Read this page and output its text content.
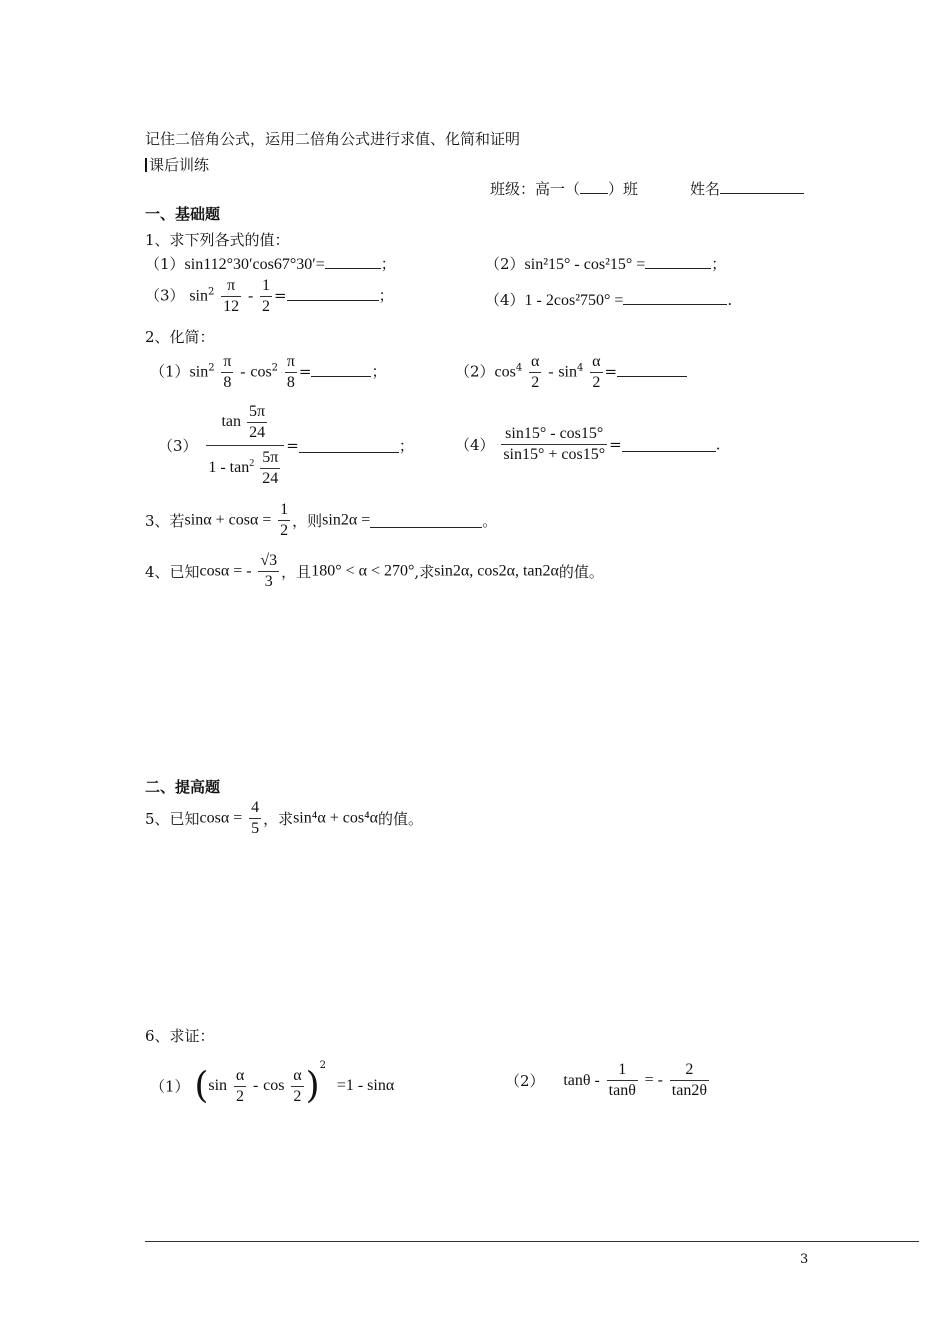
记住二倍角公式，运用二倍角公式进行求值、化简和证明
课后训练
班级：高一（ ）班	姓名
一、基础题
1、求下列各式的值：
（1）sin112°30′cos67°30′=	；	（2）sin²15° - cos²15° =	；
（3） $\sin^2 \frac{\pi}{12} - \frac{1}{2}$ =	；	（4）1 - 2cos²750° =	.
2、化简：
$(1)\sin^2 \frac{\pi}{8} - \cos^2 \frac{\pi}{8}$ =	；	$(2)\cos^4 \frac{\alpha}{2} - \sin^4 \frac{\alpha}{2}$ =
$(3) \frac{\tan \frac{5\pi}{24}}{1 - \tan^2 \frac{5\pi}{24}}$ =	；	$(4) \frac{\sin 15^\circ - \cos 15^\circ}{\sin 15^\circ + \cos 15^\circ}$ =	.
3、若$\sin\alpha + \cos\alpha = \frac{1}{2}$ ，则sin2α =	。
4、已知cosα = - $\frac{√3}{3}$ ，且180° < α < 270°,求sin2α, cos2α, tan2α的值。
二、提高题
5、已知$\cos\alpha = \frac{4}{5}$ ，求sin⁴α + cos⁴α的值。
6、求证：
（1） $(\sin \frac{\alpha}{2} - \cos \frac{\alpha}{2} )^2 =1 - \sin\alpha$	（2） tanθ - $\frac{1}{\tan\theta}$ = - $\frac{2}{\tan 2\theta}$
3
